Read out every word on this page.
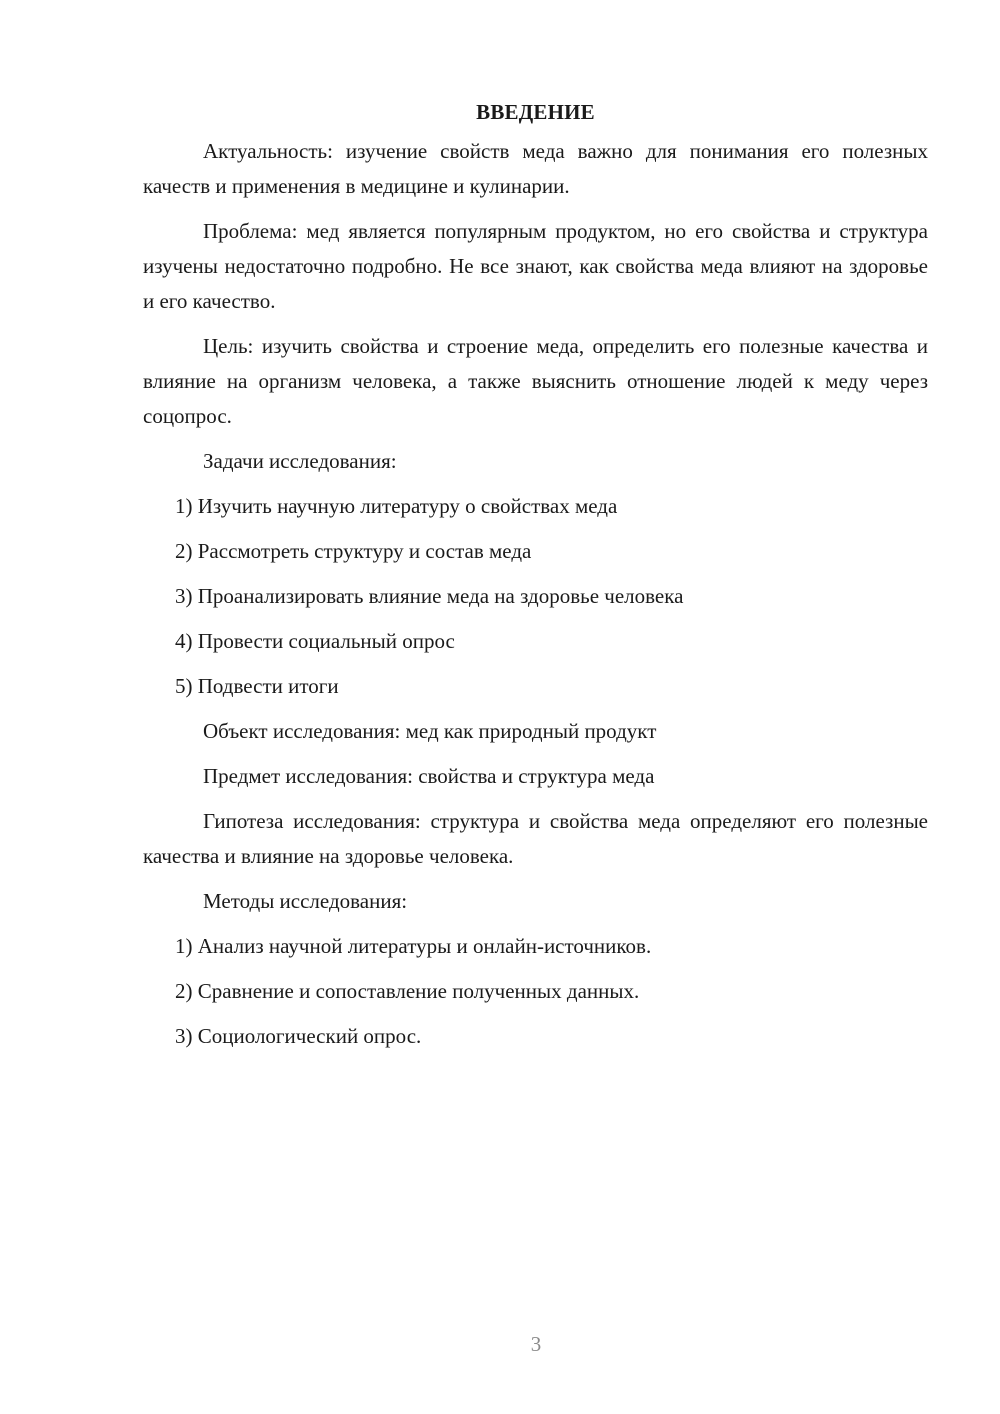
ВВЕДЕНИЕ

Актуальность: изучение свойств меда важно для понимания его полезных качеств и применения в медицине и кулинарии.

Проблема: мед является популярным продуктом, но его свойства и структура изучены недостаточно подробно. Не все знают, как свойства меда влияют на здоровье и его качество.

Цель: изучить свойства и строение меда, определить его полезные качества и влияние на организм человека, а также выяснить отношение людей к меду через соцопрос.

Задачи исследования:

1) Изучить научную литературу о свойствах меда

2) Рассмотреть структуру и состав меда

3) Проанализировать влияние меда на здоровье человека

4) Провести социальный опрос

5) Подвести итоги

Объект исследования: мед как природный продукт

Предмет исследования: свойства и структура меда

Гипотеза исследования: структура и свойства меда определяют его полезные качества и влияние на здоровье человека.

Методы исследования:

1) Анализ научной литературы и онлайн-источников.

2) Сравнение и сопоставление полученных данных.

3) Социологический опрос.

3
